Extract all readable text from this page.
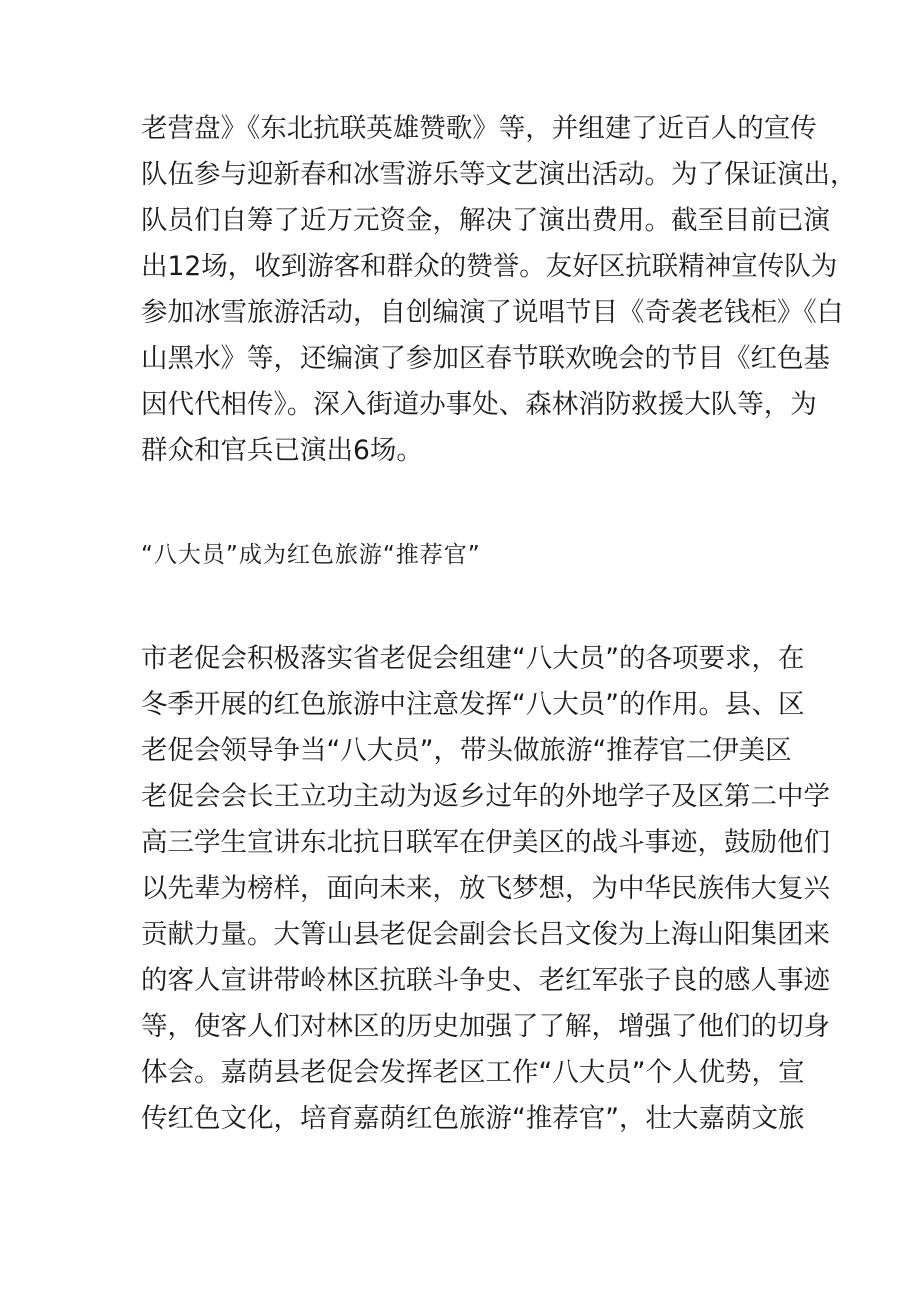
老营盘》《东北抗联英雄赞歌》等，并组建了近百人的宣传
队伍参与迎新春和冰雪游乐等文艺演出活动。为了保证演出，
队员们自筹了近万元资金，解决了演出费用。截至目前已演
出12场，收到游客和群众的赞誉。友好区抗联精神宣传队为
参加冰雪旅游活动，自创编演了说唱节目《奇袭老钱柜》《白
山黑水》等，还编演了参加区春节联欢晚会的节目《红色基
因代代相传》。深入街道办事处、森林消防救援大队等，为
群众和官兵已演出6场。
“八大员”成为红色旅游“推荐官”
市老促会积极落实省老促会组建“八大员”的各项要求，在
冬季开展的红色旅游中注意发挥“八大员”的作用。县、区
老促会领导争当“八大员”，带头做旅游“推荐官二伊美区
老促会会长王立功主动为返乡过年的外地学子及区第二中学
高三学生宣讲东北抗日联军在伊美区的战斗事迹，鼓励他们
以先辈为榜样，面向未来，放飞梦想，为中华民族伟大复兴
贡献力量。大箐山县老促会副会长吕文俊为上海山阳集团来
的客人宣讲带岭林区抗联斗争史、老红军张子良的感人事迹
等，使客人们对林区的历史加强了了解，增强了他们的切身
体会。嘉荫县老促会发挥老区工作“八大员”个人优势，宣
传红色文化，培育嘉荫红色旅游“推荐官”，壮大嘉荫文旅
